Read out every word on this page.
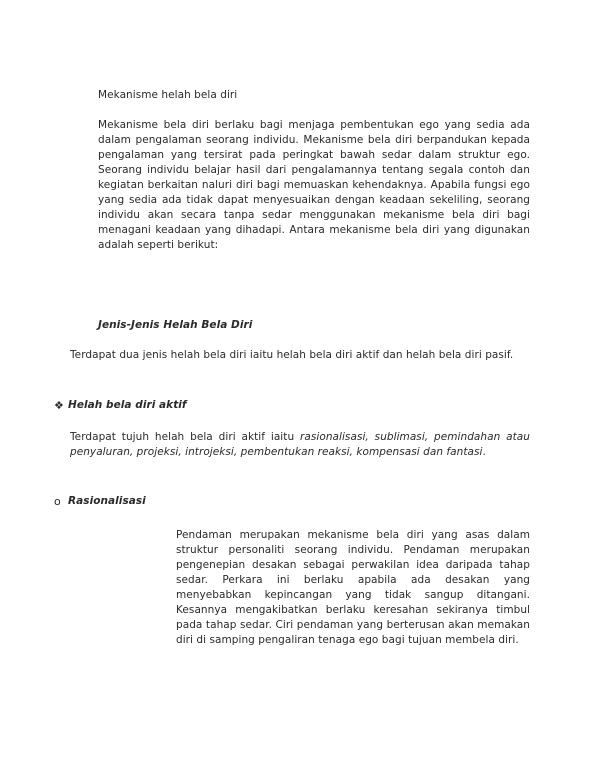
Mekanisme helah bela diri

Mekanisme bela diri berlaku bagi menjaga pembentukan ego yang sedia ada dalam pengalaman seorang individu. Mekanisme bela diri berpandukan kepada pengalaman yang tersirat pada peringkat bawah sedar dalam struktur ego. Seorang individu belajar hasil dari pengalamannya tentang segala contoh dan kegiatan berkaitan naluri diri bagi memuaskan kehendaknya. Apabila fungsi ego yang sedia ada tidak dapat menyesuaikan dengan keadaan sekeliling, seorang individu akan secara tanpa sedar menggunakan mekanisme bela diri bagi menagani keadaan yang dihadapi. Antara mekanisme bela diri yang digunakan adalah seperti berikut:

Jenis-Jenis Helah Bela Diri

Terdapat dua jenis helah bela diri iaitu helah bela diri aktif dan helah bela diri pasif.

❖ Helah bela diri aktif

Terdapat tujuh helah bela diri aktif iaitu rasionalisasi, sublimasi, pemindahan atau penyaluran, projeksi, introjeksi, pembentukan reaksi, kompensasi dan fantasi.

o Rasionalisasi

Pendaman merupakan mekanisme bela diri yang asas dalam struktur personaliti seorang individu. Pendaman merupakan pengenepian desakan sebagai perwakilan idea daripada tahap sedar. Perkara ini berlaku apabila ada desakan yang menyebabkan kepincangan yang tidak sangup ditangani. Kesannya mengakibatkan berlaku keresahan sekiranya timbul pada tahap sedar. Ciri pendaman yang berterusan akan memakan diri di samping pengaliran tenaga ego bagi tujuan membela diri.
